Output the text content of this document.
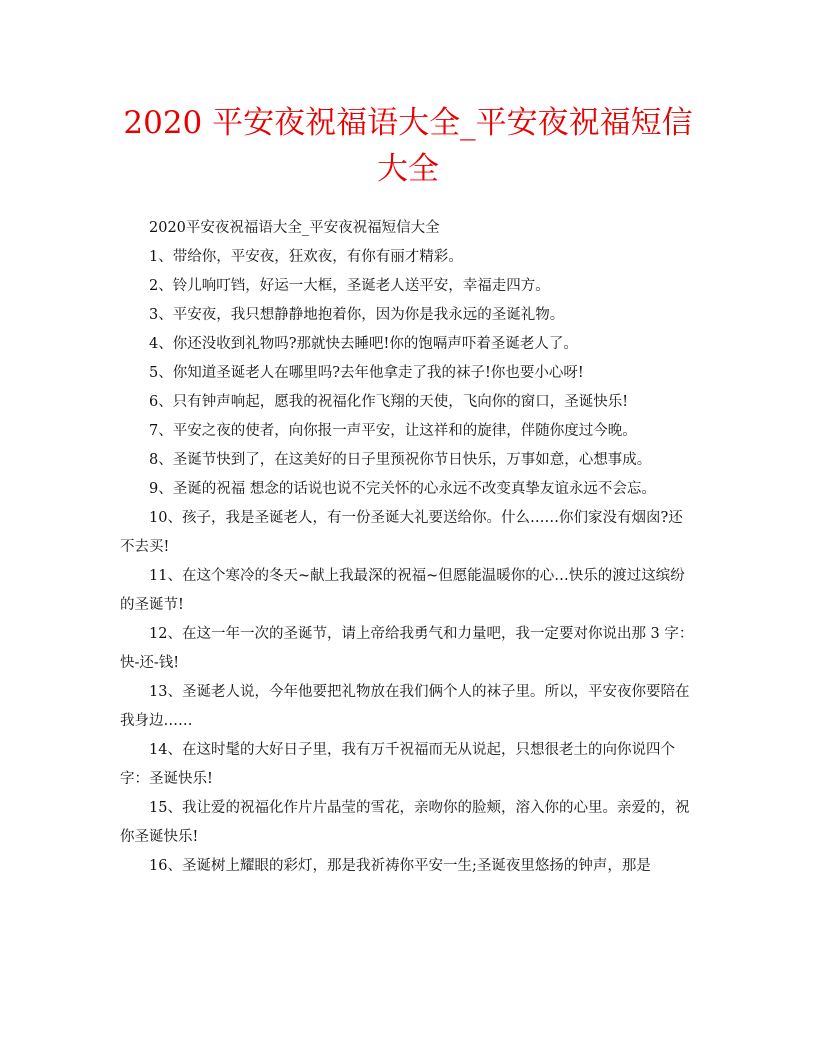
2020 平安夜祝福语大全_平安夜祝福短信大全

2020平安夜祝福语大全_平安夜祝福短信大全

1、带给你，平安夜，狂欢夜，有你有丽才精彩。

2、铃儿响叮铛，好运一大框，圣诞老人送平安，幸福走四方。

3、平安夜，我只想静静地抱着你，因为你是我永远的圣诞礼物。

4、你还没收到礼物吗?那就快去睡吧!你的饱嗝声吓着圣诞老人了。

5、你知道圣诞老人在哪里吗?去年他拿走了我的袜子!你也要小心呀!

6、只有钟声响起，愿我的祝福化作飞翔的天使，飞向你的窗口，圣诞快乐!

7、平安之夜的使者，向你报一声平安，让这祥和的旋律，伴随你度过今晚。

8、圣诞节快到了，在这美好的日子里预祝你节日快乐，万事如意，心想事成。

9、圣诞的祝福 想念的话说也说不完关怀的心永远不改变真挚友谊永远不会忘。

10、孩子，我是圣诞老人，有一份圣诞大礼要送给你。什么……你们家没有烟囱?还不去买!

11、在这个寒冷的冬天~献上我最深的祝福~但愿能温暖你的心…快乐的渡过这缤纷的圣诞节!

12、在这一年一次的圣诞节，请上帝给我勇气和力量吧，我一定要对你说出那 3 字：快-还-钱!

13、圣诞老人说，今年他要把礼物放在我们俩个人的袜子里。所以，平安夜你要陪在我身边……

14、在这时髦的大好日子里，我有万千祝福而无从说起，只想很老土的向你说四个字：圣诞快乐!

15、我让爱的祝福化作片片晶莹的雪花，亲吻你的脸颊，溶入你的心里。亲爱的，祝你圣诞快乐!

16、圣诞树上耀眼的彩灯，那是我祈祷你平安一生;圣诞夜里悠扬的钟声，那是
